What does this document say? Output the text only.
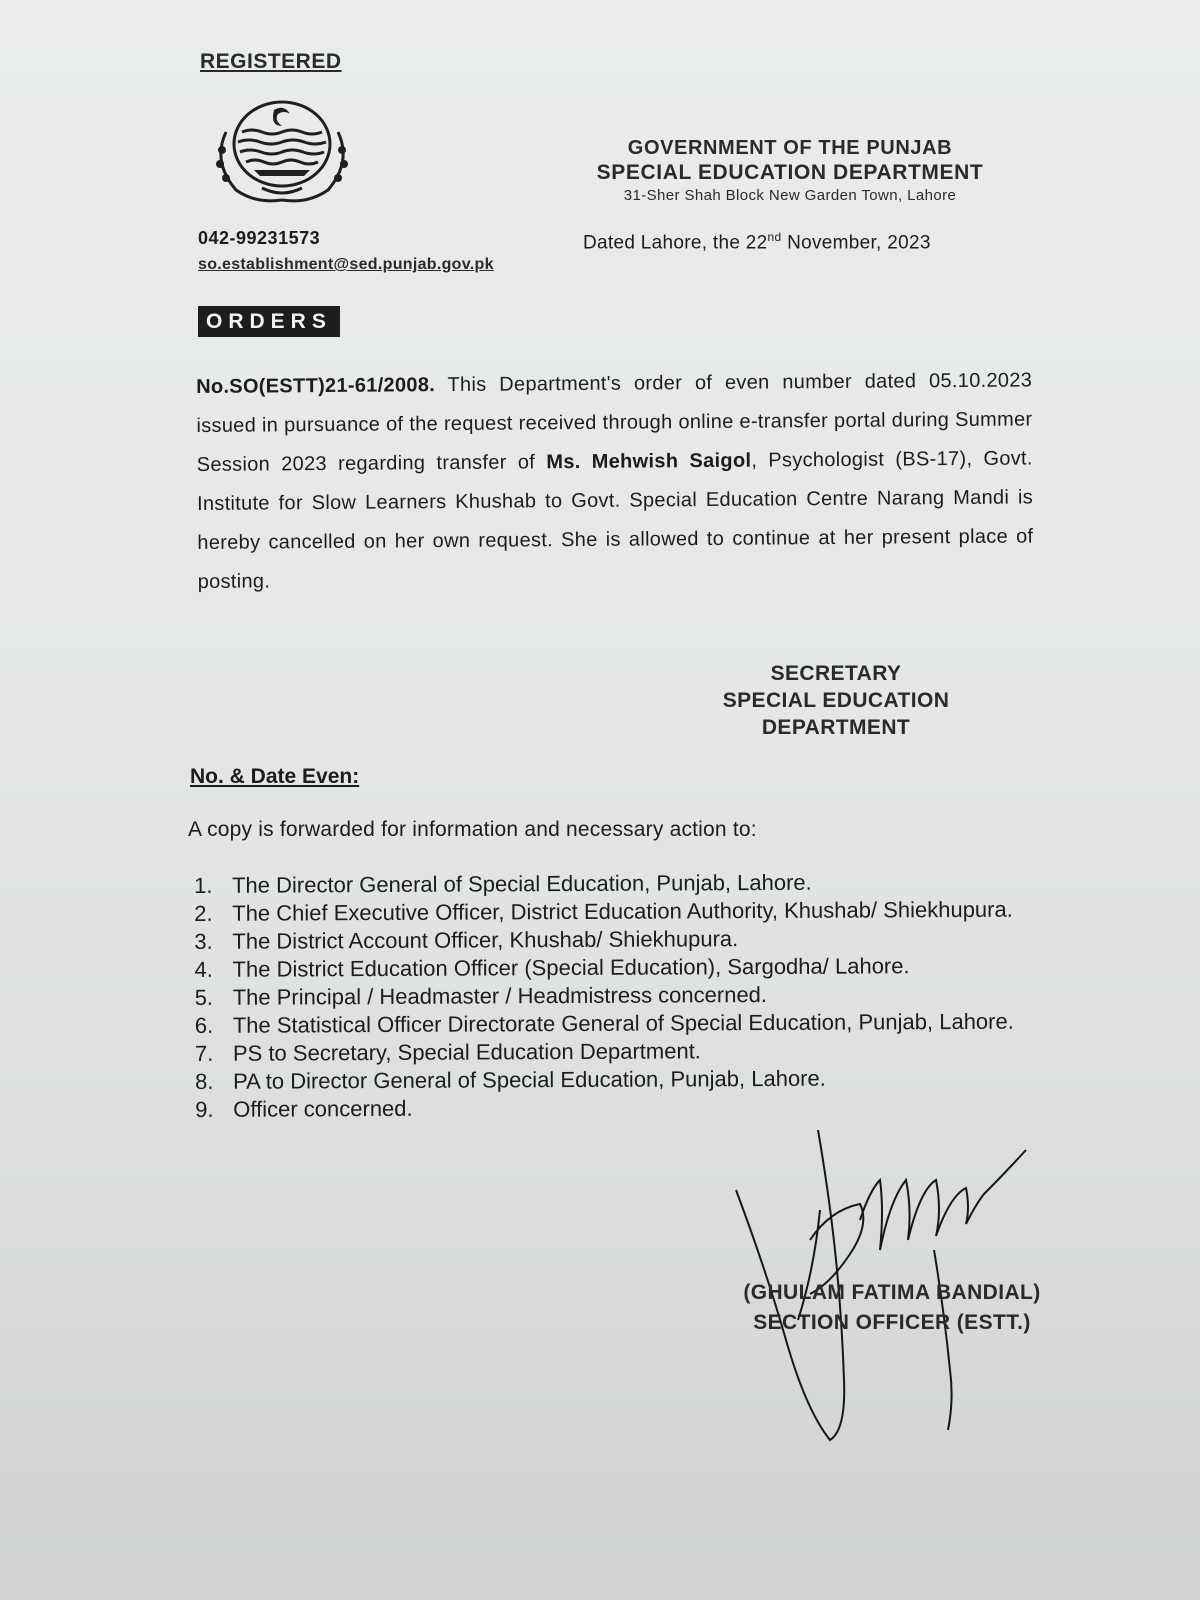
REGISTERED
GOVERNMENT OF THE PUNJAB
SPECIAL EDUCATION DEPARTMENT
31-Sher Shah Block New Garden Town, Lahore
042-99231573
so.establishment@sed.punjab.gov.pk
Dated Lahore, the 22nd November, 2023
ORDERS
No.SO(ESTT)21-61/2008. This Department's order of even number dated 05.10.2023 issued in pursuance of the request received through online e-transfer portal during Summer Session 2023 regarding transfer of Ms. Mehwish Saigol, Psychologist (BS-17), Govt. Institute for Slow Learners Khushab to Govt. Special Education Centre Narang Mandi is hereby cancelled on her own request. She is allowed to continue at her present place of posting.
SECRETARY
SPECIAL EDUCATION
DEPARTMENT
No. & Date Even:
A copy is forwarded for information and necessary action to:
1. The Director General of Special Education, Punjab, Lahore.
2. The Chief Executive Officer, District Education Authority, Khushab/ Shiekhupura.
3. The District Account Officer, Khushab/ Shiekhupura.
4. The District Education Officer (Special Education), Sargodha/ Lahore.
5. The Principal / Headmaster / Headmistress concerned.
6. The Statistical Officer Directorate General of Special Education, Punjab, Lahore.
7. PS to Secretary, Special Education Department.
8. PA to Director General of Special Education, Punjab, Lahore.
9. Officer concerned.
(GHULAM FATIMA BANDIAL)
SECTION OFFICER (ESTT.)
